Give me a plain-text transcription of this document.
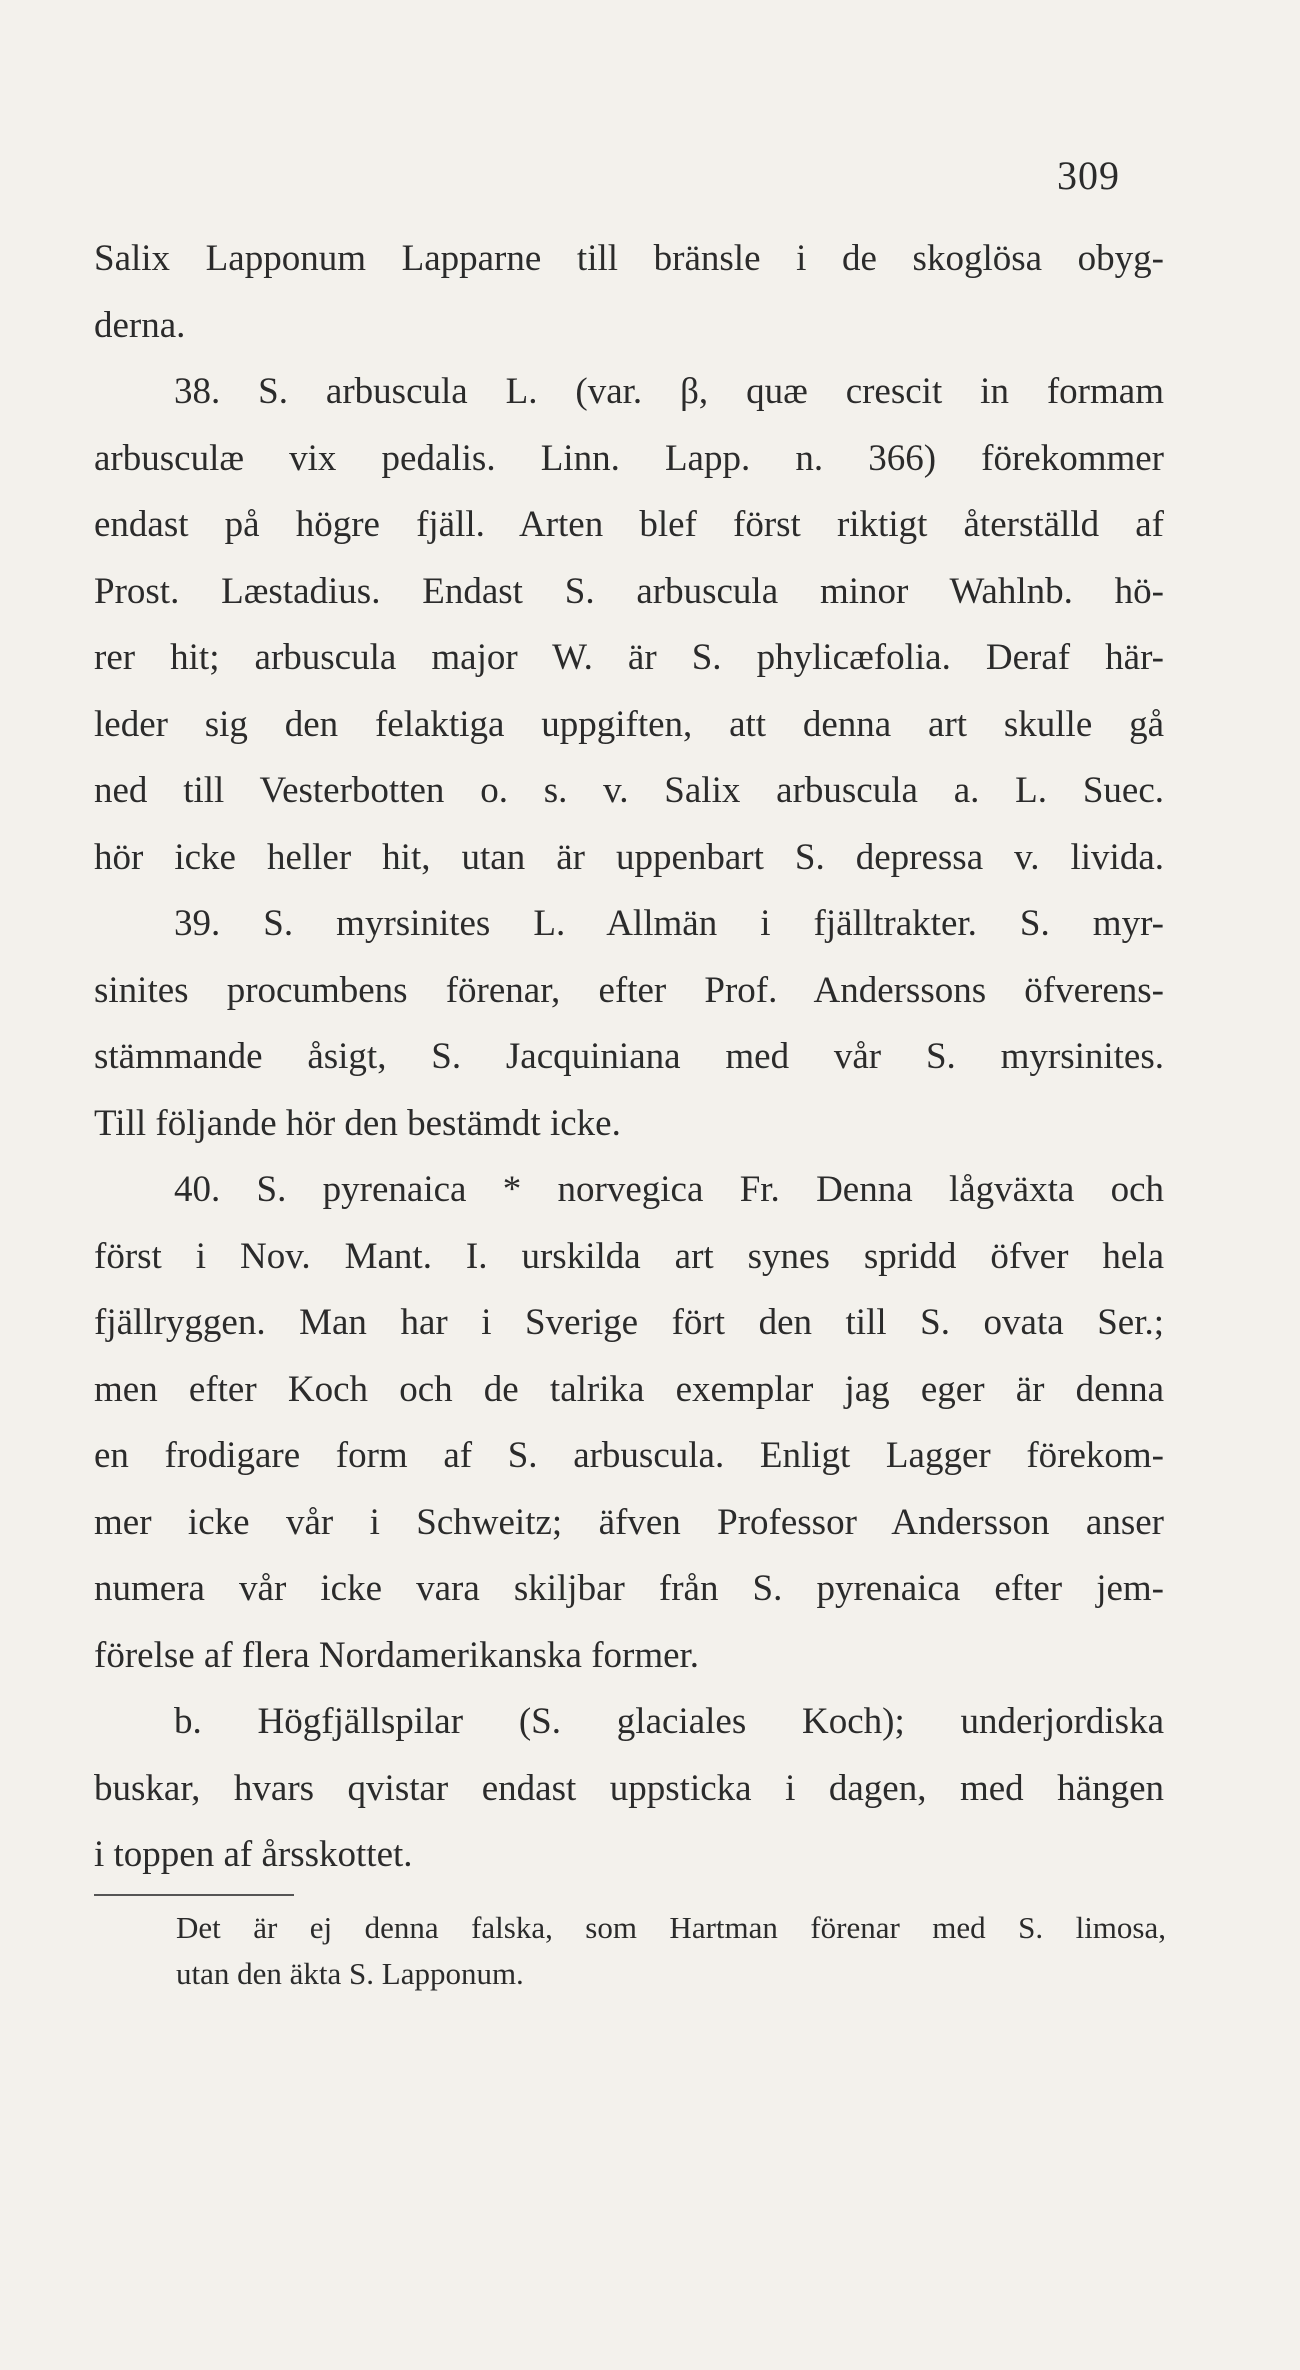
309
Salix Lapponum Lapparne till bränsle i de skoglösa obyg-
derna.
38. S. arbuscula L. (var. β, quæ crescit in formam
arbusculæ vix pedalis. Linn. Lapp. n. 366) förekommer
endast på högre fjäll. Arten blef först riktigt återställd af
Prost. Læstadius. Endast S. arbuscula minor Wahlnb. hö-
rer hit; arbuscula major W. är S. phylicæfolia. Deraf här-
leder sig den felaktiga uppgiften, att denna art skulle gå
ned till Vesterbotten o. s. v. Salix arbuscula a. L. Suec.
hör icke heller hit, utan är uppenbart S. depressa v. livida.
39. S. myrsinites L. Allmän i fjälltrakter. S. myr-
sinites procumbens förenar, efter Prof. Anderssons öfverens-
stämmande åsigt, S. Jacquiniana med vår S. myrsinites.
Till följande hör den bestämdt icke.
40. S. pyrenaica * norvegica Fr. Denna lågväxta och
först i Nov. Mant. I. urskilda art synes spridd öfver hela
fjällryggen. Man har i Sverige fört den till S. ovata Ser.;
men efter Koch och de talrika exemplar jag eger är denna
en frodigare form af S. arbuscula. Enligt Lagger förekom-
mer icke vår i Schweitz; äfven Professor Andersson anser
numera vår icke vara skiljbar från S. pyrenaica efter jem-
förelse af flera Nordamerikanska former.
b. Högfjällspilar (S. glaciales Koch); underjordiska
buskar, hvars qvistar endast uppsticka i dagen, med hängen
i toppen af årsskottet.
Det är ej denna falska, som Hartman förenar med S. limosa,
utan den äkta S. Lapponum.
